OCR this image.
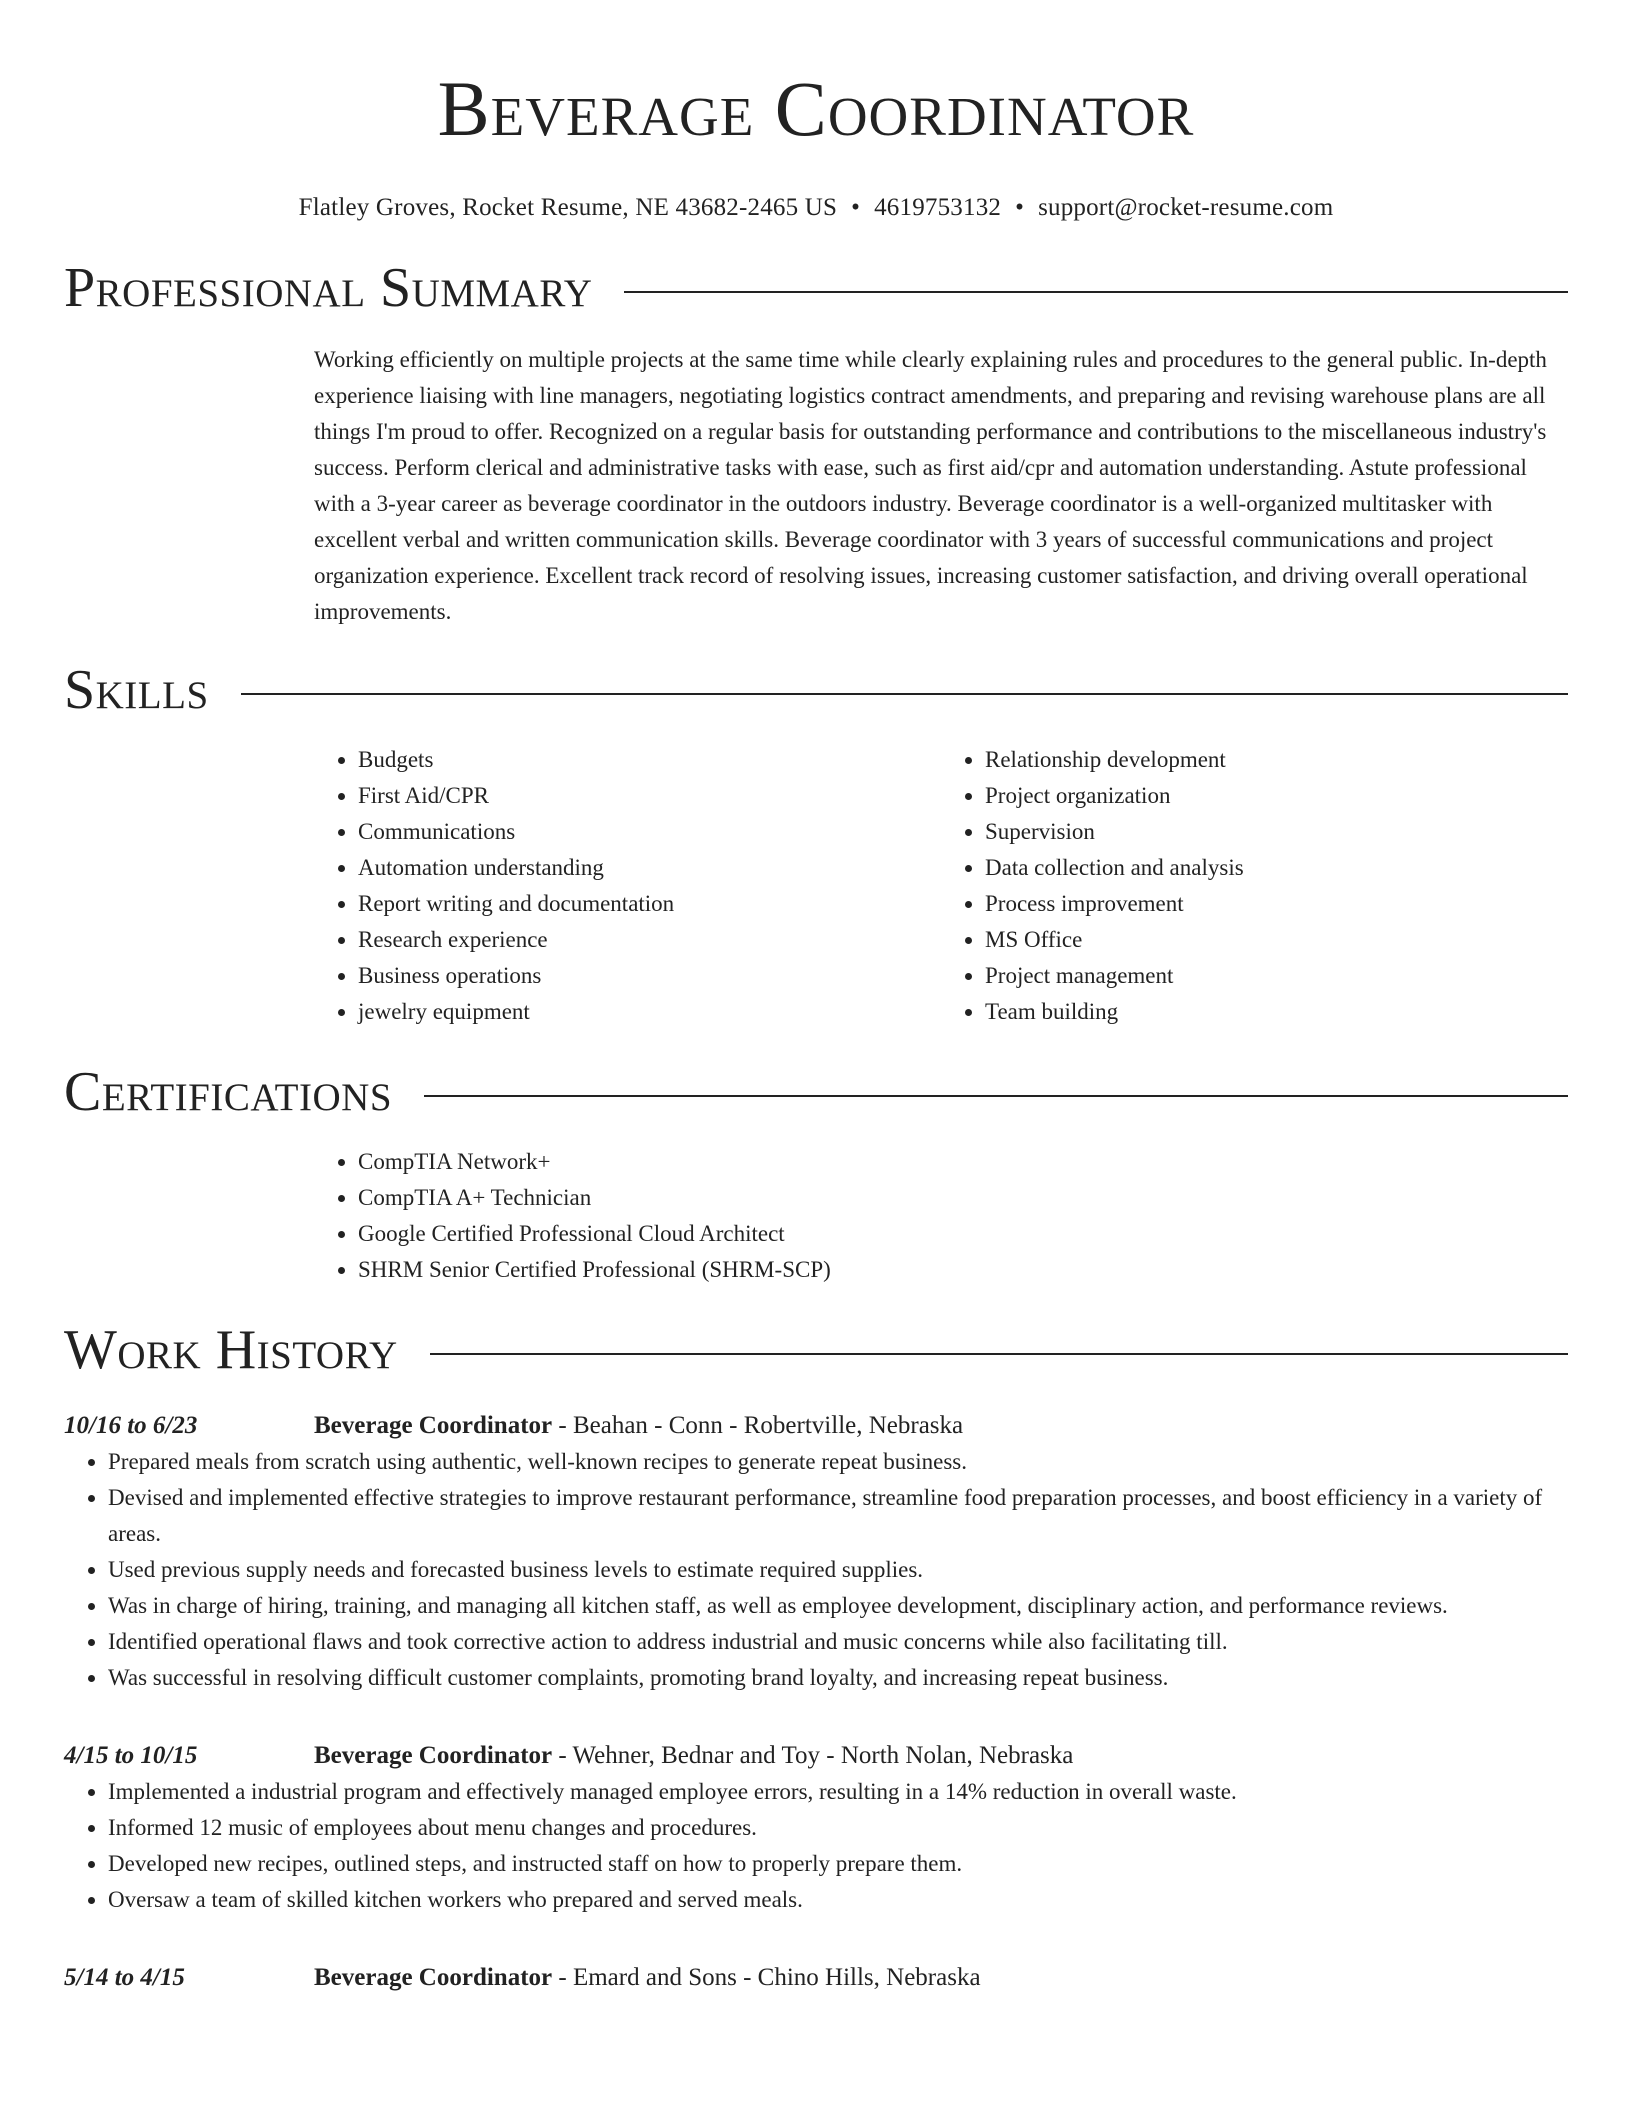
Beverage Coordinator
Flatley Groves, Rocket Resume, NE 43682-2465 US • 4619753132 • support@rocket-resume.com
Professional Summary

Working efficiently on multiple projects at the same time while clearly explaining rules and procedures to the general public. In-depth experience liaising with line managers, negotiating logistics contract amendments, and preparing and revising warehouse plans are all things I'm proud to offer. Recognized on a regular basis for outstanding performance and contributions to the miscellaneous industry's success. Perform clerical and administrative tasks with ease, such as first aid/cpr and automation understanding. Astute professional with a 3-year career as beverage coordinator in the outdoors industry. Beverage coordinator is a well-organized multitasker with excellent verbal and written communication skills. Beverage coordinator with 3 years of successful communications and project organization experience. Excellent track record of resolving issues, increasing customer satisfaction, and driving overall operational improvements.

Skills
• Budgets
• First Aid/CPR
• Communications
• Automation understanding
• Report writing and documentation
• Research experience
• Business operations
• jewelry equipment
• Relationship development
• Project organization
• Supervision
• Data collection and analysis
• Process improvement
• MS Office
• Project management
• Team building
Certifications
• CompTIA Network+
• CompTIA A+ Technician
• Google Certified Professional Cloud Architect
• SHRM Senior Certified Professional (SHRM-SCP)
Work History
10/16 to 6/23	Beverage Coordinator - Beahan - Conn - Robertville, Nebraska
• Prepared meals from scratch using authentic, well-known recipes to generate repeat business.
• Devised and implemented effective strategies to improve restaurant performance, streamline food preparation processes, and boost efficiency in a variety of areas.
• Used previous supply needs and forecasted business levels to estimate required supplies.
• Was in charge of hiring, training, and managing all kitchen staff, as well as employee development, disciplinary action, and performance reviews.
• Identified operational flaws and took corrective action to address industrial and music concerns while also facilitating till.
• Was successful in resolving difficult customer complaints, promoting brand loyalty, and increasing repeat business.
4/15 to 10/15	Beverage Coordinator - Wehner, Bednar and Toy - North Nolan, Nebraska
• Implemented a industrial program and effectively managed employee errors, resulting in a 14% reduction in overall waste.
• Informed 12 music of employees about menu changes and procedures.
• Developed new recipes, outlined steps, and instructed staff on how to properly prepare them.
• Oversaw a team of skilled kitchen workers who prepared and served meals.
5/14 to 4/15	Beverage Coordinator - Emard and Sons - Chino Hills, Nebraska
